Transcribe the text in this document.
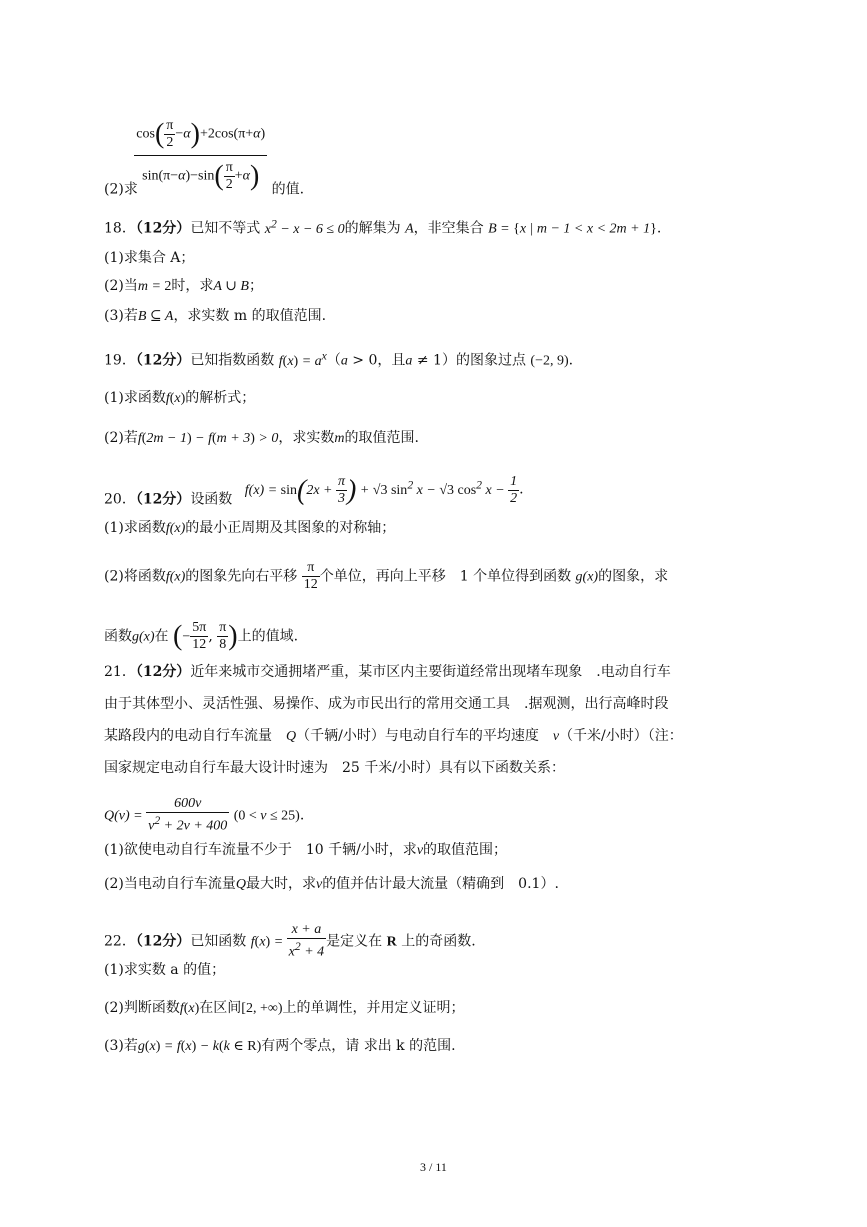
(2)求
$\frac{\cos( \frac{\pi}{2} -\alpha)+2\cos(\pi+\alpha)}{\sin(\pi-\alpha)-\sin( \frac{\pi}{2} +\alpha)}$ 的值.
18．（12分）已知不等式 $x^2 - x - 6 \le 0$的解集为 A，非空集合 B = {x | m − 1 < x < 2m + 1}.
(1)求集合 A；
(2)当m = 2时，求A ∪ B；
(3)若B ⊆ A，求实数 m 的取值范围.
19．（12分）已知指数函数 $f(x) = a^x(a > 0$，且a ≠ 1）的图象过点 (−2, 9).
(1)求函数f(x)的解析式；
(2)若f(2m − 1) − f(m + 3) > 0，求实数m的取值范围.
20．（12分）设函数 $f(x) = \sin(2x + \frac{\pi}{3}$ ) + √3 $\sin^2 x - √3$ $\cos^2 x - \frac{1}{2}$ .
(1)求函数f(x)的最小正周期及其图象的对称轴；
(2)将函数f(x)的图象先向右平移 $\frac{\pi}{12}$ 个单位，再向上平移　1 个单位得到函数 g(x)的图象，求
函数g(x)在 (− $\frac{5\pi}{12}$ , $\frac{\pi}{8}$ )上的值域.
21．（12分）近年来城市交通拥堵严重，某市区内主要街道经常出现堵车现象　.电动自行车
由于其体型小、灵活性强、易操作、成为市民出行的常用交通工具　.据观测，出行高峰时段
某路段内的电动自行车流量　 Q（千辆/小时）与电动自行车的平均速度　 v（千米/小时）（注：
国家规定电动自行车最大设计时速为　25 千米/小时）具有以下函数关系：
$Q(v) = \frac{600v}{v^2 + 2v + 400} (0 < v \le 25)$.
(1)欲使电动自行车流量不少于　10 千辆/小时，求v的取值范围；
(2)当电动自行车流量Q最大时，求v的值并估计最大流量（精确到　0.1）.
22．（12分）已知函数 $f(x) = \frac{x + a}{x^2 + 4}$ 是定义在 R 上的奇函数.
(1)求实数 a 的值；
(2)判断函数f(x)在区间[2, +∞)上的单调性，并用定义证明；
(3)若g(x) = f(x) − k(k ∈ R)有两个零点，请 求出 k 的范围.
3 / 11
